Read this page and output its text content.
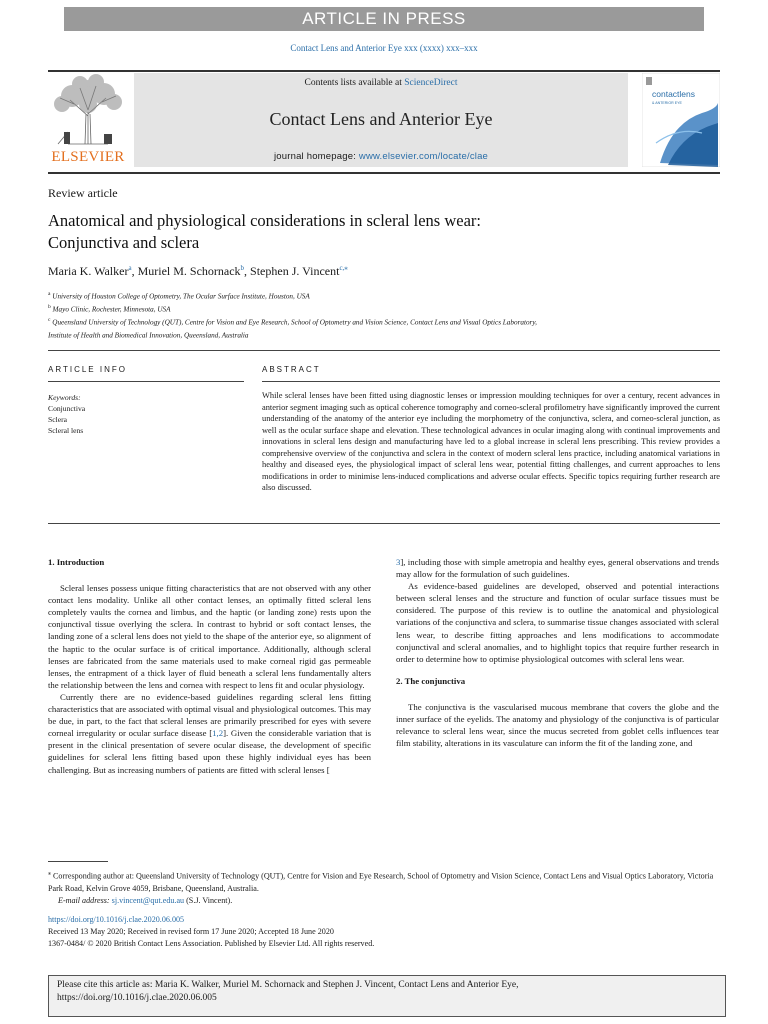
ARTICLE IN PRESS
Contact Lens and Anterior Eye xxx (xxxx) xxx–xxx
ELSEVIER
Contents lists available at ScienceDirect
Contact Lens and Anterior Eye
journal homepage: www.elsevier.com/locate/clae
contactlens
& ANTERIOR EYE
Review article
Anatomical and physiological considerations in scleral lens wear:
Conjunctiva and sclera
Maria K. Walker$^a$, Muriel M. Schornack$^b$, Stephen J. Vincent$^{c,⁎}$
$^a$ University of Houston College of Optometry, The Ocular Surface Institute, Houston, USA
$^b$ Mayo Clinic, Rochester, Minnesota, USA
$^c$ Queensland University of Technology (QUT), Centre for Vision and Eye Research, School of Optometry and Vision Science, Contact Lens and Visual Optics Laboratory,
Institute of Health and Biomedical Innovation, Queensland, Australia
ARTICLE INFO	ABSTRACT
Keywords:
Conjunctiva
Sclera
Scleral lens
While scleral lenses have been fitted using diagnostic lenses or impression moulding techniques for over a century, recent advances in anterior segment imaging such as optical coherence tomography and corneo-scleral profilometry have significantly improved the current understanding of the anatomy of the anterior eye including the morphometry of the conjunctiva, sclera, and corneo-scleral junction, as well as the ocular surface shape and elevation. These technological advances in ocular imaging along with continual improvements and innovations in scleral lens design and manufacturing have led to a global increase in scleral lens prescribing. This review provides a comprehensive overview of the conjunctiva and sclera in the context of modern scleral lens practice, including anatomical variations in healthy and diseased eyes, the physiological impact of scleral lens wear, potential fitting challenges, and current approaches to lens modifications in order to minimise lens-induced complications and adverse ocular effects. Specific topics requiring further research are also discussed.
1. Introduction

Scleral lenses possess unique fitting characteristics that are not observed with any other contact lens modality. Unlike all other contact lenses, an optimally fitted scleral lens completely vaults the cornea and limbus, and the haptic (or landing zone) rests upon the conjunctival tissue overlying the sclera. In contrast to hybrid or soft contact lenses, the landing zone of a scleral lens does not yield to the shape of the anterior eye, so alignment of the haptic to the ocular surface is of critical importance. Additionally, although scleral lenses are fabricated from the same materials used to make corneal rigid gas permeable lenses, the entrapment of a thick layer of fluid beneath a scleral lens fundamentally alters the relationship between the lens and cornea with respect to lens fit and ocular physiology.

Currently there are no evidence-based guidelines regarding scleral lens fitting characteristics that are associated with optimal visual and physiological outcomes. This may be due, in part, to the fact that scleral lenses are primarily prescribed for eyes with severe corneal irregularity or ocular surface disease [1,2]. Given the considerable variation that is present in the clinical presentation of severe ocular disease, the development of specific guidelines for scleral lens fitting based upon these highly individual eyes has been challenging. But as increasing numbers of patients are fitted with scleral lenses [

3], including those with simple ametropia and healthy eyes, general observations and trends may allow for the formulation of such guidelines.

As evidence-based guidelines are developed, observed and potential interactions between scleral lenses and the structure and function of ocular surface tissues must be considered. The purpose of this review is to outline the anatomical and physiological variations of the conjunctiva and sclera, to summarise tissue changes associated with scleral lens wear, to describe fitting approaches and lens modifications to accommodate conjunctival and scleral anomalies, and to highlight topics that require further research in order to determine how to optimise physiological outcomes with scleral lens wear.

2. The conjunctiva

The conjunctiva is the vascularised mucous membrane that covers the globe and the inner surface of the eyelids. The anatomy and physiology of the conjunctiva is of particular relevance to scleral lens wear, since the mucus secreted from goblet cells influences tear film stability, alterations in its vasculature can inform the fit of the landing zone, and

⁎ Corresponding author at: Queensland University of Technology (QUT), Centre for Vision and Eye Research, School of Optometry and Vision Science, Contact Lens and Visual Optics Laboratory, Victoria Park Road, Kelvin Grove 4059, Brisbane, Queensland, Australia.
E-mail address: sj.vincent@qut.edu.au (S.J. Vincent).
https://doi.org/10.1016/j.clae.2020.06.005
Received 13 May 2020; Received in revised form 17 June 2020; Accepted 18 June 2020
1367-0484/ © 2020 British Contact Lens Association. Published by Elsevier Ltd. All rights reserved.
Please cite this article as: Maria K. Walker, Muriel M. Schornack and Stephen J. Vincent, Contact Lens and Anterior Eye,
https://doi.org/10.1016/j.clae.2020.06.005
